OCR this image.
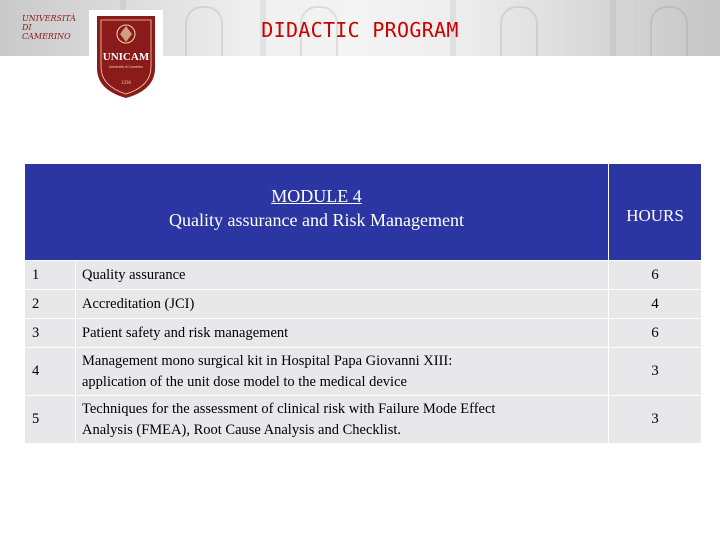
UNIVERSITÀ
DI CAMERINO	DIDACTIC PROGRAM
UNICAM
Università di Camerino
1336
MODULE 4
Quality assurance and Risk Management		HOURS
1	Quality assurance	6
2	Accreditation (JCI)	4
3	Patient safety and risk management	6
4	Management mono surgical kit in Hospital Papa Giovanni XIII:
application of the unit dose model to the medical device	3
5	Techniques for the assessment of clinical risk with Failure Mode Effect
Analysis (FMEA), Root Cause Analysis and Checklist.	3
